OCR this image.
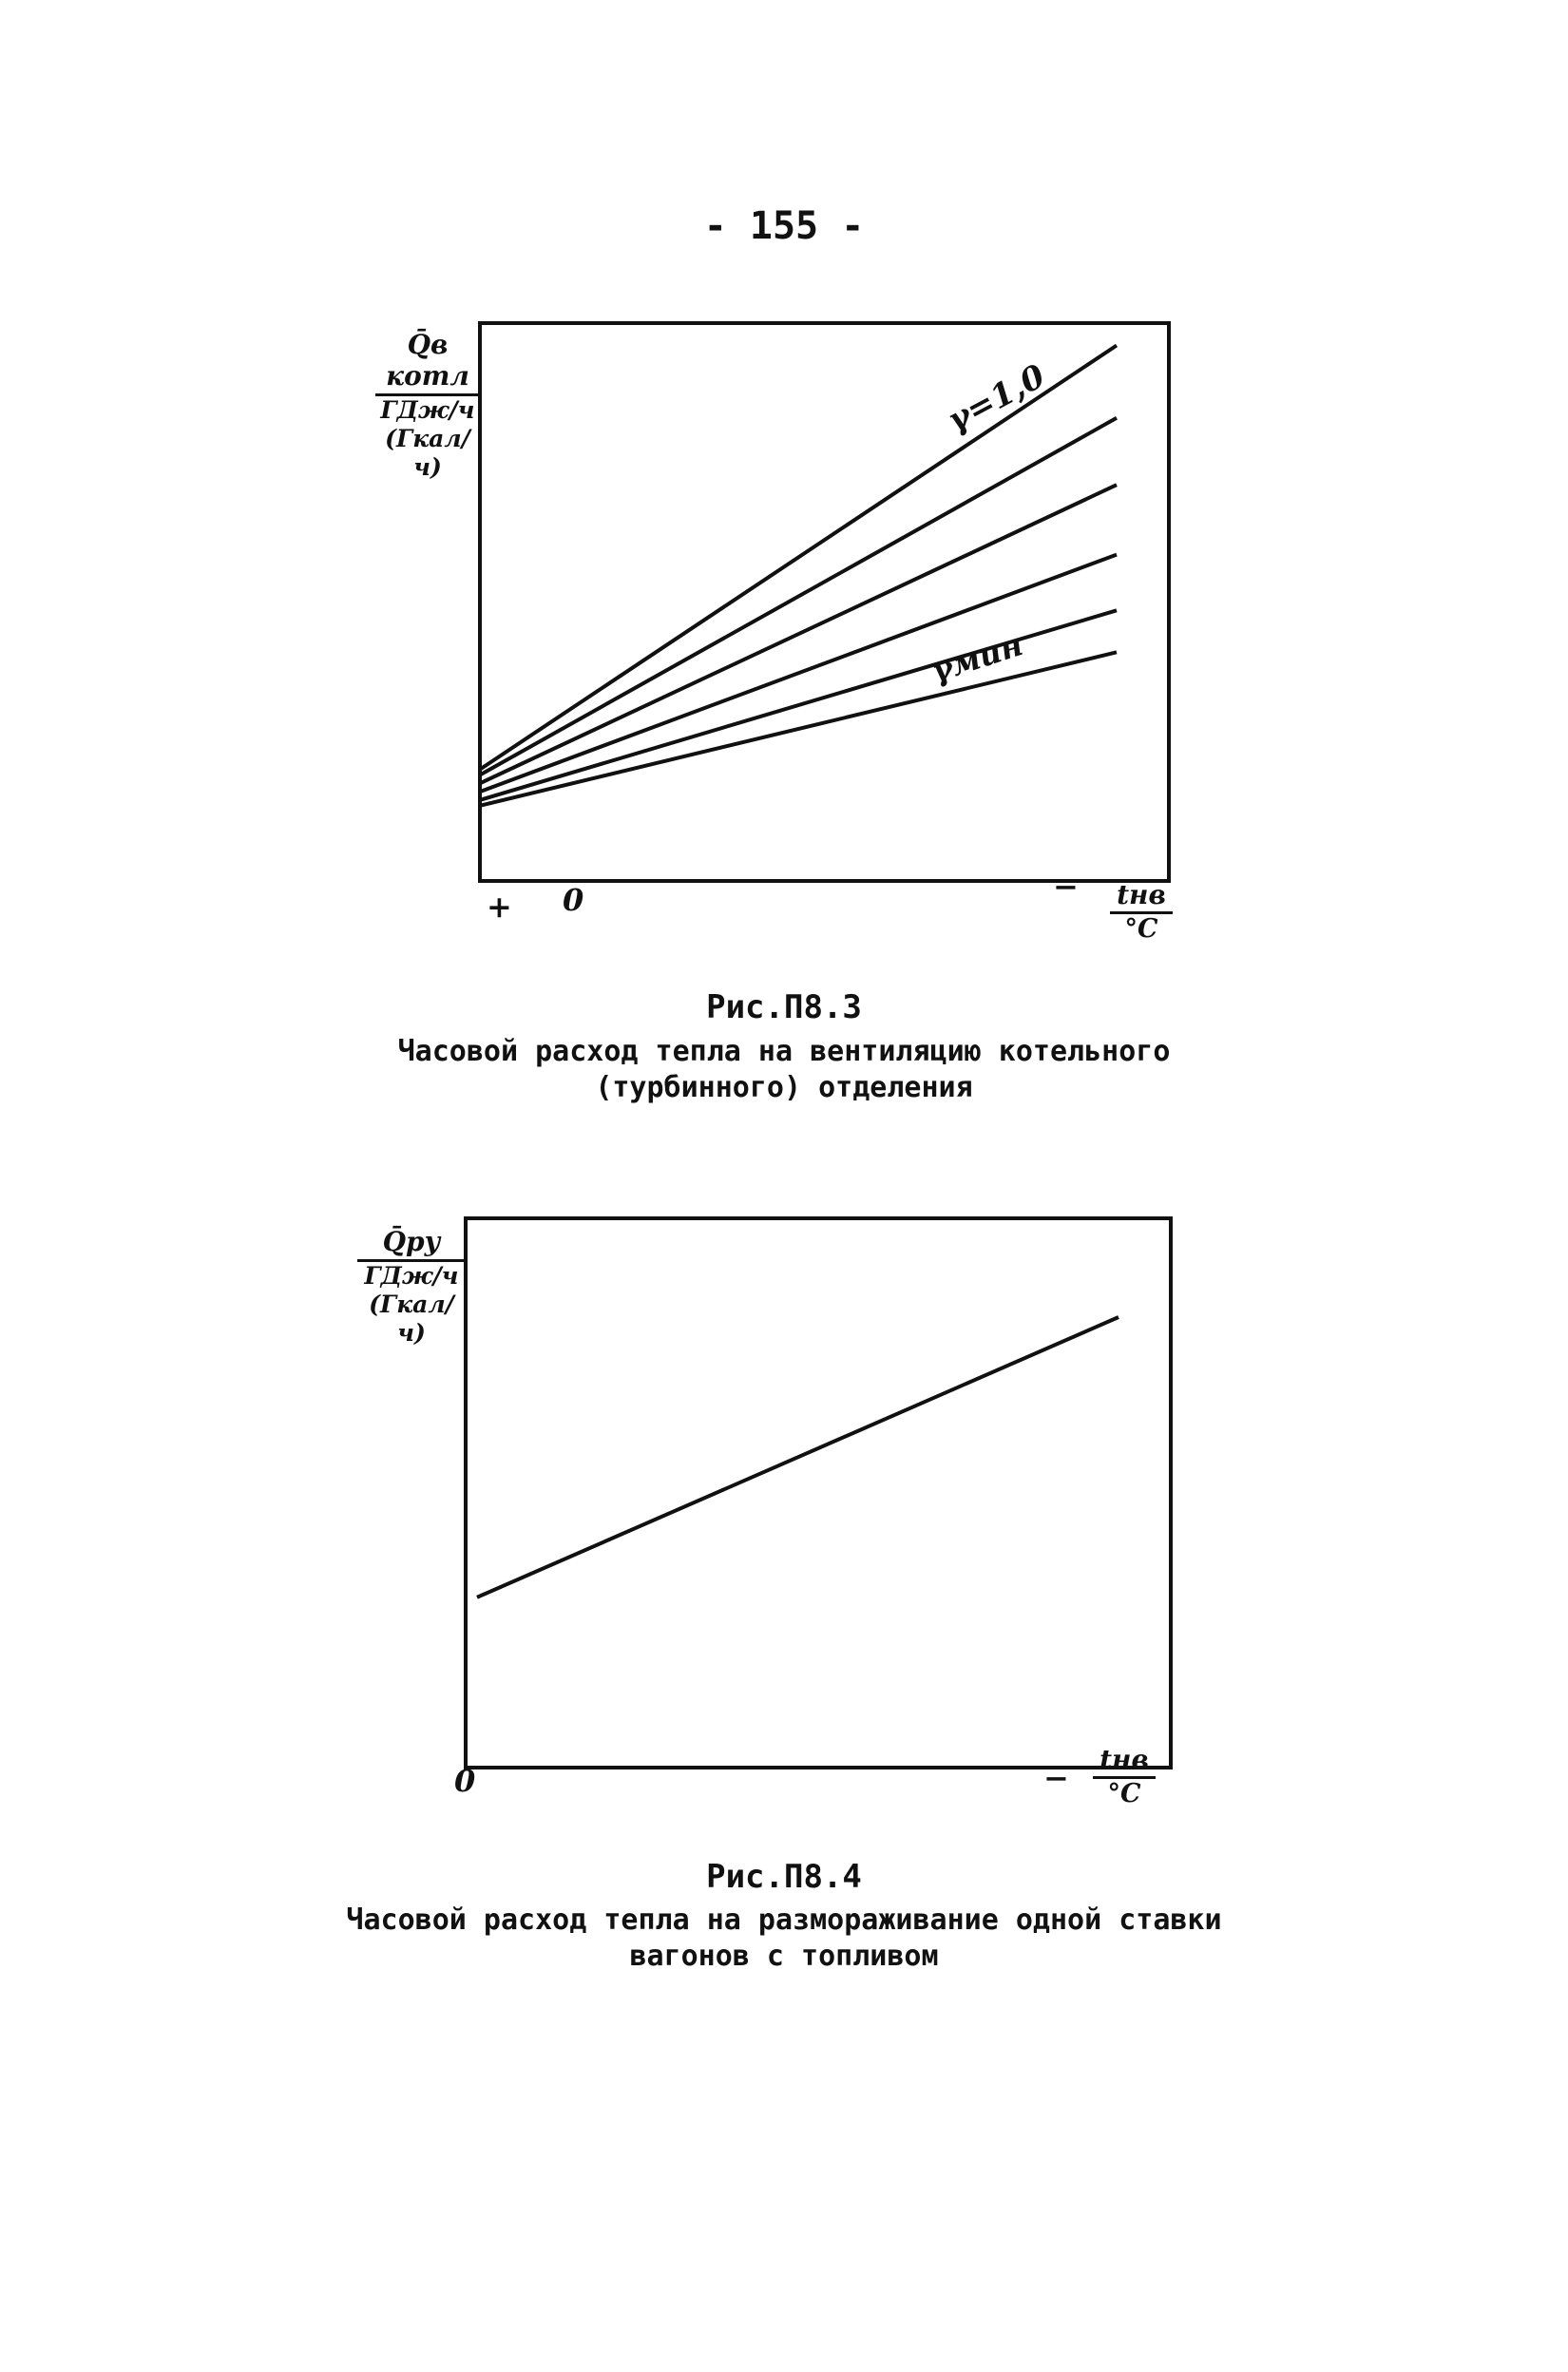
- 155 -
γ=1,0
γмин
Q̄в котл
ГДж/ч
(Гкал/ч)
+ 0	− tнв
°C
Рис.П8.3
Часовой расход тепла на вентиляцию котельного
(турбинного) отделения
Q̄ру
ГДж/ч
(Гкал/ч)
0	−
tнв
°C
Рис.П8.4
Часовой расход тепла на размораживание одной ставки
вагонов с топливом
